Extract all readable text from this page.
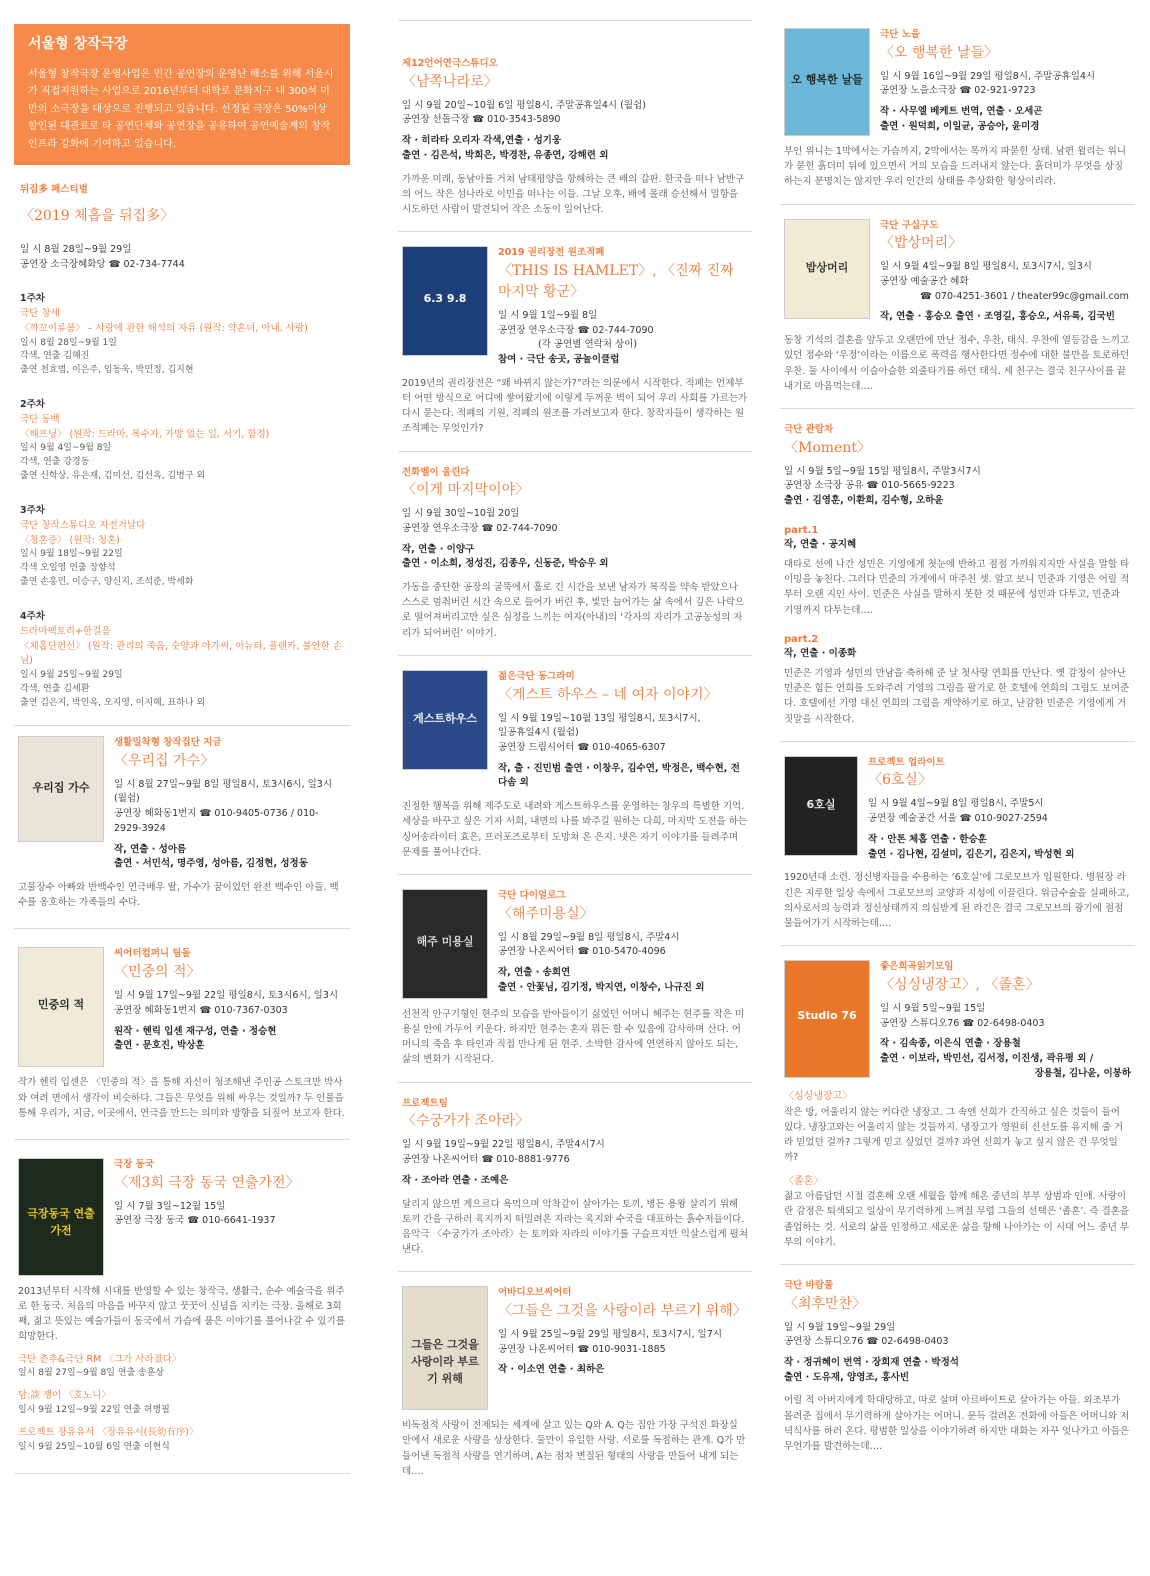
서울형 창작극장

서울형 창작극장 운영사업은 민간 공연장의 운영난 해소를 위해 서울시가 직접지원하는 사업으로 2016년부터 대학로 문화지구 내 300석 미만의 소극장을 대상으로 진행되고 있습니다. 선정된 극장은 50%이상 할인된 대관료로 타 공연단체와 공연장을 공유하여 공연예술계의 창작 인프라 강화에 기여하고 있습니다.

뒤집多 페스티벌
〈2019 체홉을 뒤집多〉
일 시 8월 28일~9월 29일
공연장 소극장혜화당 ☎ 02-734-7744
1주차
극단 창세
〈까꼬이류봄〉 – 사랑에 관한 해석의 자유 (원작: 약혼녀, 아내, 사랑)
일시 8월 28일~9월 1일
각색, 연출 김혜진
출연 천효범, 이은주, 임동욱, 박민정, 김지현
2주차
극단 동백
〈해프닝〉 (원작: 드라마, 복수자, 가망 없는 일, 서기, 함정)
일시 9월 4일~9월 8일
각색, 연출 강경동
출연 신학상, 유은재, 김미선, 김선옥, 김병구 외
3주차
극단 창작스튜디오 자전거날다
〈청혼증〉 (원작: 청혼)
일시 9월 18일~9월 22일
각색 오일영 연출 장향석
출연 손흥민, 이승구, 양신지, 조석준, 박세화
4주차
드라마팩토리+한걸음
〈체홉단편선〉 (원작: 관리의 죽음, 숫양과 아가씨, 아뉴타, 플랜카, 불안한 손님)
일시 9월 25일~9월 29일
각색, 연출 김세환
출연 김은지, 박인옥, 오지영, 이지혜, 표하나 외
우리집 가수
생활밀착형 창작집단 지금
〈우리집 가수〉
일 시 8월 27일~9월 8일 평일8시, 토3시6시, 일3시 (월쉼)
공연장 혜화동1번지 ☎ 010-9405-0736 / 010-2929-3924
작, 연출 · 성아름
출연 · 서민석, 명주영, 성아름, 김정현, 성정동
고물장수 아빠와 반백수인 연극배우 딸, 가수가 꿈이었던 완전 백수인 아들. 백수를 옹호하는 가족들의 수다.
민중의 적
씨어터컴퍼니 팀돌
〈민중의 적〉
일 시 9월 17일~9월 22일 평일8시, 토3시6시, 일3시
공연장 혜화동1번지 ☎ 010-7367-0303
원작 · 헨릭 입센 재구성, 연출 · 정승현
출연 · 문호진, 박상훈
작가 헨릭 입센은 〈민중의 적〉을 통해 자신이 청조해낸 주인공 스토크만 박사와 여려 면에서 생각이 비슷하다. 그들은 무엇을 위해 싸우는 것일까? 두 인물을 통해 우리가, 지금, 이곳에서, 연극을 만드는 의미와 방향을 되짚어 보고자 한다.
극장동국 연출가전
극장 동국
〈제3회 극장 동국 연출가전〉
일 시 7월 3일~12월 15일
공연장 극장 동국 ☎ 010-6641-1937
2013년부터 시작해 시대를 반영할 수 있는 창작극, 생활극, 순수 예술극을 위주로 한 동국. 처음의 마음을 바꾸지 않고 꿋꿋이 신념을 지키는 극장. 올해로 3회째, 젊고 뜻있는 예술가들이 동국에서 가슴에 품은 이야기를 풀어나갈 수 있기를 희망한다.
극단 춘추&극단 RM 〈그가 사라졌다〉
일시 8월 27일~9월 8일 연출 송훈상
담:談 쟁이 〈호노니〉
일시 9월 12일~9월 22일 연출 허병필
프로젝트 장유유서 〈장유유서(長幼有序)〉
일시 9월 25일~10월 6일 연출 이현식
제12언어연극스튜디오
〈남쪽나라로〉
일 시 9월 20일~10월 6일 평일8시, 주말공휴일4시 (월쉼)
공연장 선돌극장 ☎ 010-3543-5890
작 · 히라타 오리자 각색,연출 · 성기웅
출연 · 김은석, 박희은, 박경찬, 유종연, 강해련 외
가까운 미래, 동남아를 거쳐 남태평양을 항해하는 큰 배의 갑판. 한국을 떠나 남반구의 어느 작은 섬나라로 이민을 떠나는 이들. 그날 오후, 배에 몰래 승선해서 밀항을 시도하던 사람이 발견되어 작은 소동이 일어난다.
6.3 9.8
2019 권리장전 원조적폐
〈THIS IS HAMLET〉, 〈진짜 진짜 마지막 황군〉
일 시 9월 1일~9월 8일
공연장 연우소극장 ☎ 02-744-7090
(각 공연별 연락처 상이)
참여 · 극단 송곳, 공놀이클럽
2019년의 권리장전은 “왜 바뀌지 않는가?”라는 의문에서 시작한다. 적폐는 언제부터 어떤 방식으로 어디에 쌓여왔기에 이렇게 두꺼운 벽이 되어 우리 사회를 가르는가 다시 묻는다. 적폐의 기원, 적폐의 원조를 가려보고자 한다. 창작자들이 생각하는 원조적폐는 무엇인가?
전화벨이 울린다
〈이게 마지막이야〉
일 시 9월 30일~10월 20일
공연장 연우소극장 ☎ 02-744-7090
작, 연출 · 이양구
출연 · 이소희, 정성진, 김종우, 신동준, 박승우 외
가동을 중단한 공장의 굴뚝에서 홀로 긴 시간을 보낸 남자가 복직을 약속 받았으나 스스로 멈춰버린 시간 속으로 들어가 버린 후, 빛만 늘어가는 삶 속에서 깊은 나락으로 떨어져버리고만 싶은 심정을 느끼는 여자(아내)의 ‘각자의 자리가 고공농성의 자리가 되어버린’ 이야기.
게스트하우스
젊은극단 동그라미
〈게스트 하우스 – 네 여자 이야기〉
일 시 9월 19일~10월 13일 평일8시, 토3시7시,
일공휴일4시 (월쉼)
공연장 드림시어터 ☎ 010-4065-6307
작, 출 · 진민범 출연 · 이창우, 김수연, 박정은, 백수현, 전다솜 외
진정한 행복을 위해 제주도로 내려와 게스트하우스를 운영하는 창우의 특별한 기억. 세상을 바꾸고 싶은 기자 서희, 내면의 나를 봐주길 원하는 다희, 마지막 도전을 하는 싱어송라이터 효은, 프러포즈로부터 도망쳐 온 은지. 넷은 자기 이야기를 들려주며 문제를 풀어나간다.
해주 미용실
극단 다이얼로그
〈해주미용실〉
일 시 8월 29일~9월 8일 평일8시, 주말4시
공연장 나온씨어터 ☎ 010-5470-4096
작, 연출 · 송희연
출연 · 안꽃님, 김기정, 박지연, 이창수, 나규진 외
선천적 안구기형인 현주의 모습을 받아들이기 싫었던 어머니 해주는 현주를 작은 미용실 안에 가두어 키운다. 하지만 현주는 혼자 뭐든 할 수 있음에 감사하며 산다. 어머니의 죽음 후 타인과 직접 만나게 된 현주. 소박한 감사에 연연하지 않아도 되는, 삶의 변화가 시작된다.
프로젝트팀
〈수궁가가 조아라〉
일 시 9월 19일~9월 22일 평일8시, 주말4시7시
공연장 나온씨어터 ☎ 010-8881-9776
작 · 조아라 연출 · 조예은
달리지 않으면 게으르다 욕먹으며 악착같이 살아가는 토끼, 병든 용왕 살리기 위해 토끼 간을 구하러 육지까지 떠밀려온 자라는 육지와 수국을 대표하는 흙수저들이다. 음악극 〈수궁가가 조아라〉는 토끼와 자라의 이야기를 구슬프지만 익살스럽게 펼쳐낸다.
그들은 그것을 사랑이라 부르기 위해
어바디오브씨어터
〈그들은 그것을 사랑이라 부르기 위해〉
일 시 9월 25일~9월 29일 평일8시, 토3시7시, 일7시
공연장 나온씨어터 ☎ 010-9031-1885
작 · 이소연 연출 · 최하은
비독점적 사랑이 전제되는 세계에 살고 있는 Q와 A. Q는 집안 가장 구석진 화장실 안에서 새로운 사랑을 상상한다. 둘만이 유일한 사랑. 서로를 독점하는 관계. Q가 만들어낸 독점적 사랑을 연기하며, A는 점차 변질된 형태의 사랑을 만들어 내게 되는데….
오 행복한 날들
극단 노을
〈오 행복한 날들〉
일 시 9월 16일~9월 29일 평일8시, 주말공휴일4시
공연장 노을소극장 ☎ 02-921-9723
작 · 사무엘 베케트 번역, 연출 · 오세곤
출연 · 원덕희, 이일균, 공승아, 윤미경
부인 위니는 1막에서는 가슴까지, 2막에서는 목까지 파묻힌 상태. 남편 윌리는 위니가 묻힌 흙더미 뒤에 있으면서 거의 모습을 드러내지 않는다. 흙더미가 무엇을 상징하는지 분명치는 않지만 우리 인간의 상태를 추상화한 형상이리라.
밥상머리
극단 구십구도
〈밥상머리〉
일 시 9월 4일~9월 8일 평일8시, 토3시7시, 일3시
공연장 예술공간 혜화
☎ 070-4251-3601 / theater99c@gmail.com
작, 연출 · 홍승오 출연 · 조영길, 홍승오, 서유록, 김국빈
동창 기석의 결혼을 앞두고 오랜만에 만난 정수, 우찬, 태식. 우찬에 열등감을 느끼고 있던 정수와 ‘우정’이라는 이름으로 폭력을 행사한다면 정수에 대한 불만을 토로하던 우찬. 둘 사이에서 이슬아슬한 외줄타기를 하던 태식. 세 친구는 결국 친구사이를 끝내기로 마음먹는데….
극단 관람차
〈Moment〉
일 시 9월 5일~9월 15일 평일8시, 주말3시7시
공연장 소극장 공유 ☎ 010-5665-9223
출연 · 김영훈, 이환희, 김수형, 오하윤
part.1
작, 연출 · 공지혜
대타로 선에 나간 성민은 기영에게 첫눈에 반하고 점점 가까워지지만 사실을 말할 타이밍을 놓친다. 그러다 민준의 가게에서 마주친 셋. 알고 보니 민준과 기영은 어릴 적부터 오랜 지인 사이. 민준은 사실을 말하지 못한 것 때문에 성민과 다투고, 민준과 기영까지 다투는데….
part.2
작, 연출 · 이종화
민준은 기영과 성민의 만남을 축하해 준 날 첫사랑 연희를 만난다. 옛 감정이 살아난 민준은 힘든 연희를 도와주려 기영의 그림을 팔기로 한 호텔에 연희의 그림도 보여준다. 호텔에선 기영 대신 연희의 그림을 계약하기로 하고, 난감한 민준은 기영에게 거짓말을 시작한다.
6호실
프로젝트 업라이트
〈6호실〉
일 시 9월 4일~9월 8일 평일8시, 주말5시
공연장 예술공간 서울 ☎ 010-9027-2594
작 · 안톤 체홉 연출 · 한승훈
출연 · 김나현, 김설미, 김은기, 김은지, 박성현 외
1920년대 소련. 정신병자들을 수용하는 ‘6호실’에 그로모브가 입원한다. 병원장 라긴은 지루한 일상 속에서 그로모브의 교양과 지성에 이끌린다. 위급수술을 실패하고, 의사로서의 능력과 정신상태까지 의심받게 된 라긴은 결국 그로모브의 광기에 점점 물들어가기 시작하는데….
Studio 76
좋은희곡읽기모임
〈싱싱냉장고〉, 〈졸혼〉
일 시 9월 5일~9월 15일
공연장 스튜디오76 ☎ 02-6498-0403
작 · 김속종, 이은식 연출 · 장용철
출연 · 이보라, 박민선, 김서정, 이진생, 곽유평 외 /
장용철, 김나윤, 이봉하
〈싱싱냉장고〉
작은 방, 어울리지 않는 커다란 냉장고. 그 속엔 선희가 간직하고 싶은 것들이 들어 있다. 냉장고와는 어울리지 않는 것들까지. 냉장고가 영원히 신선도를 유지해 줄 거라 믿었던 걸까? 그렇게 믿고 싶었던 걸까? 과연 선희가 놓고 싶지 않은 건 무엇일까?
〈졸혼〉
젊고 아름답던 시절 결혼해 오랜 세월을 함께 해온 중년의 부부 상범과 인애. 사랑이란 감정은 퇴색되고 일상이 무기력하게 느껴질 무렵 그들의 선택은 ‘졸혼’. 즉 결혼을 졸업하는 것. 서로의 삶을 인정하고 새로운 삶을 향해 나아가는 이 시대 어느 중년 부부의 이야기.
극단 바람풀
〈최후만찬〉
일 시 9월 19일~9월 29일
공연장 스튜디오76 ☎ 02-6498-0403
작 · 정귀혜이 번역 · 장희재 연출 · 박정석
출연 · 도유재, 양영조, 홍사빈
어릴 적 아버지에게 학대당하고, 따로 살며 아르바이트로 살아가는 아들. 외조부가 몰려준 집에서 무기력하게 살아가는 어머니. 문득 걸려온 전화에 아들은 어머니와 저녁식사를 하러 온다. 평범한 일상을 이야기하려 하지만 대화는 자꾸 엇나가고 아들은 무언가를 발견하는데….
